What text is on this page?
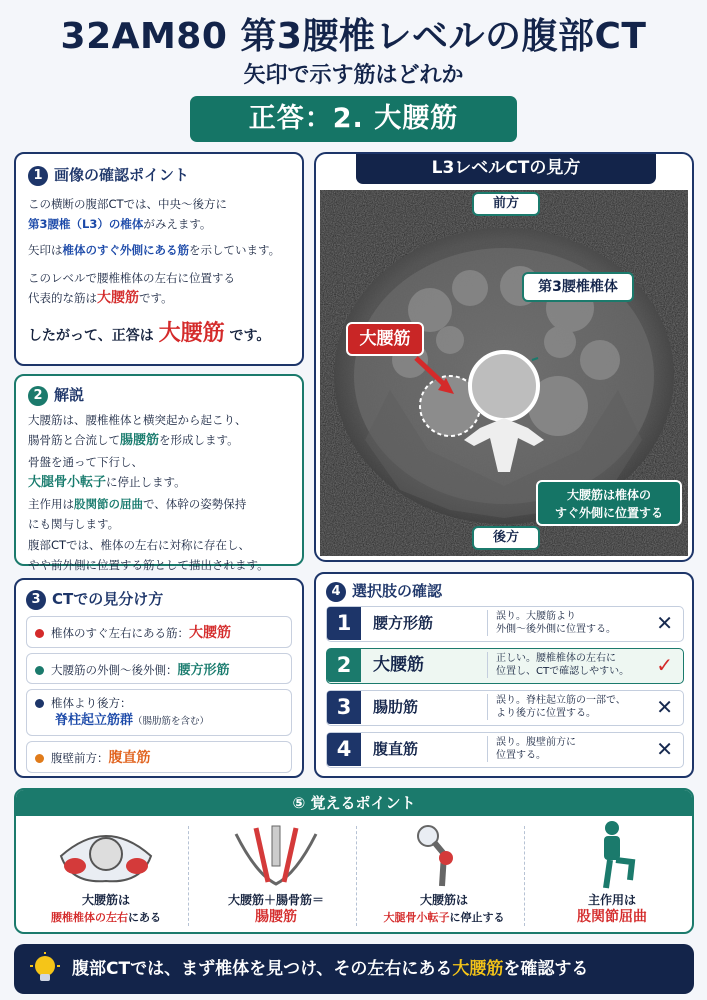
32AM80 第3腰椎レベルの腹部CT
矢印で示す筋はどれか
正答：2. 大腰筋
1 画像の確認ポイント
この横断の腹部CTでは、中央～後方に
第3腰椎（L3）の椎体がみえます。
矢印は椎体のすぐ外側にある筋を示しています。
このレベルで腰椎椎体の左右に位置する
代表的な筋は大腰筋です。
したがって、正答は 大腰筋 です。
2 解説
大腰筋は、腰椎椎体と横突起から起こり、
腸骨筋と合流して腸腰筋を形成します。
骨盤を通って下行し、
大腿骨小転子に停止します。
主作用は股関節の屈曲で、体幹の姿勢保持
にも関与します。
腹部CTでは、椎体の左右に対称に存在し、
やや前外側に位置する筋として描出されます。
3 CTでの見分け方
椎体のすぐ左右にある筋：大腰筋
大腰筋の外側～後外側：腰方形筋
椎体より後方：
脊柱起立筋群（腸肋筋を含む）
腹壁前方：腹直筋
L3レベルCTの見方
前方
後方
第3腰椎椎体
大腰筋
大腰筋は椎体の
すぐ外側に位置する
4 選択肢の確認
1	腰方形筋	誤り。大腰筋より
外側～後外側に位置する。	✕
2	大腰筋	正しい。腰椎椎体の左右に
位置し、CTで確認しやすい。	✓
3	腸肋筋	誤り。脊柱起立筋の一部で、
より後方に位置する。	✕
4	腹直筋	誤り。腹壁前方に
位置する。	✕
⑤ 覚えるポイント
大腰筋は
腰椎椎体の左右にある
大腰筋＋腸骨筋＝
腸腰筋
大腰筋は
大腿骨小転子に停止する
主作用は
股関節屈曲
腹部CTでは、まず椎体を見つけ、その左右にある大腰筋を確認する
